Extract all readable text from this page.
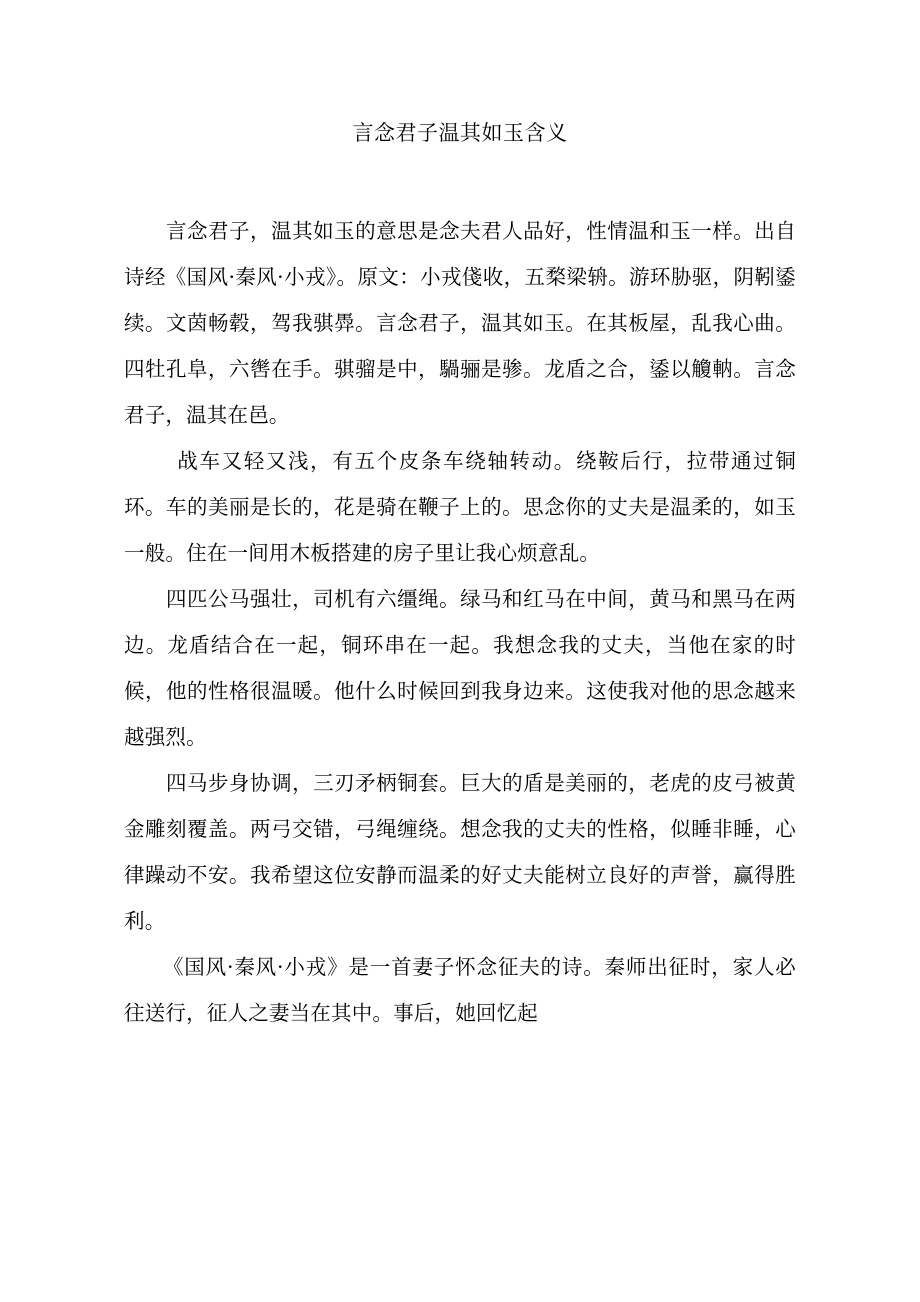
言念君子温其如玉含义

言念君子，温其如玉的意思是念夫君人品好，性情温和玉一样。出自诗经《国风·秦风·小戎》。原文：小戎俴收，五楘梁辀。游环胁驱，阴靷鋈续。文茵畅毂，驾我骐馵。言念君子，温其如玉。在其板屋，乱我心曲。四牡孔阜，六辔在手。骐骝是中，騧骊是骖。龙盾之合，鋈以觼軜。言念君子，温其在邑。

战车又轻又浅，有五个皮条车绕轴转动。绕鞍后行，拉带通过铜环。车的美丽是长的，花是骑在鞭子上的。思念你的丈夫是温柔的，如玉一般。住在一间用木板搭建的房子里让我心烦意乱。

四匹公马强壮，司机有六缰绳。绿马和红马在中间，黄马和黑马在两边。龙盾结合在一起，铜环串在一起。我想念我的丈夫，当他在家的时候，他的性格很温暖。他什么时候回到我身边来。这使我对他的思念越来越强烈。

四马步身协调，三刃矛柄铜套。巨大的盾是美丽的，老虎的皮弓被黄金雕刻覆盖。两弓交错，弓绳缠绕。想念我的丈夫的性格，似睡非睡，心律躁动不安。我希望这位安静而温柔的好丈夫能树立良好的声誉，赢得胜利。

《国风·秦风·小戎》是一首妻子怀念征夫的诗。秦师出征时，家人必往送行，征人之妻当在其中。事后，她回忆起
